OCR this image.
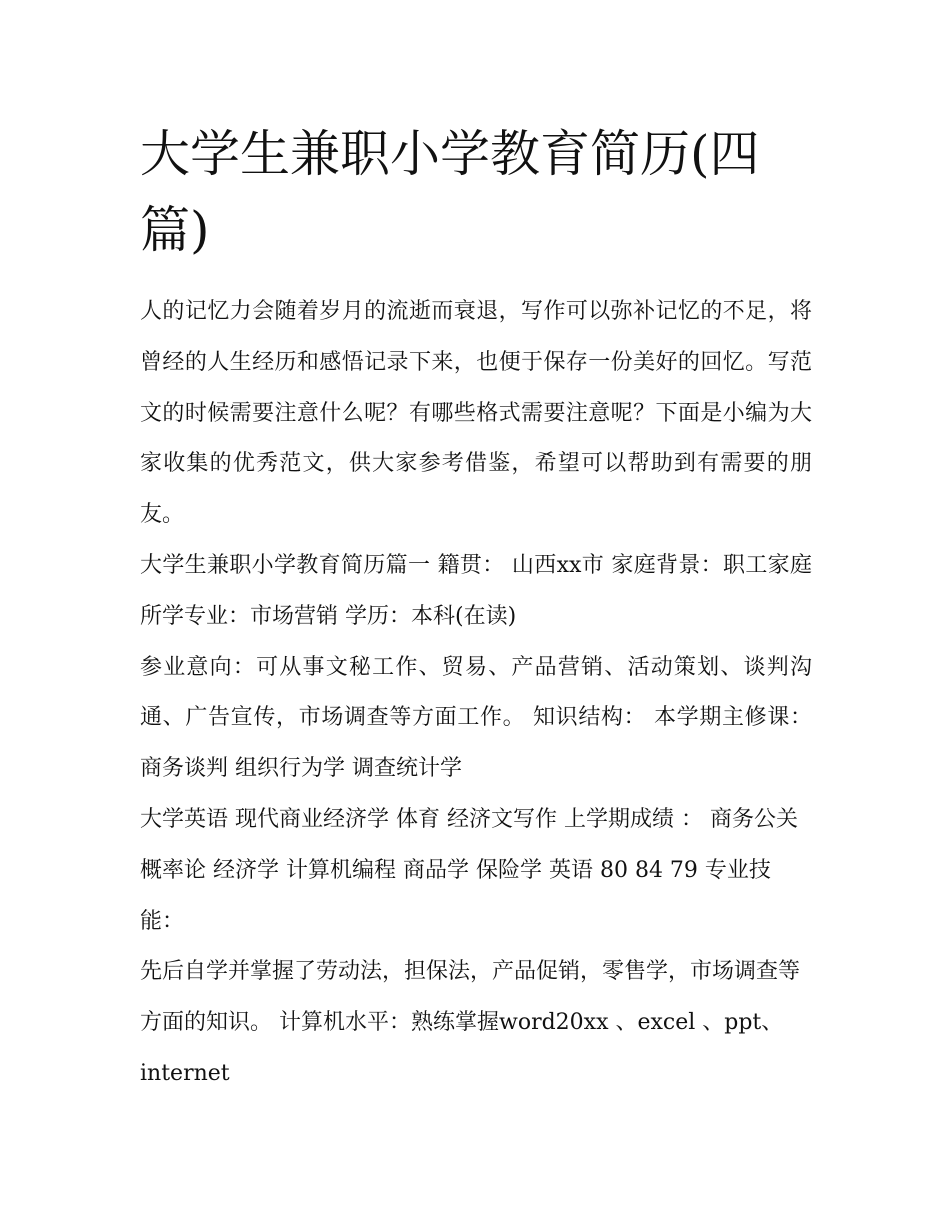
大学生兼职小学教育简历(四篇)

人的记忆力会随着岁月的流逝而衰退，写作可以弥补记忆的不足，将曾经的人生经历和感悟记录下来，也便于保存一份美好的回忆。写范文的时候需要注意什么呢？有哪些格式需要注意呢？下面是小编为大家收集的优秀范文，供大家参考借鉴，希望可以帮助到有需要的朋友。

大学生兼职小学教育简历篇一 籍贯： 山西xx市 家庭背景：职工家庭 所学专业：市场营销 学历：本科(在读)

参业意向：可从事文秘工作、贸易、产品营销、活动策划、谈判沟通、广告宣传，市场调查等方面工作。 知识结构： 本学期主修课：商务谈判 组织行为学 调查统计学

大学英语 现代商业经济学 体育 经济文写作 上学期成绩 ： 商务公关 概率论 经济学 计算机编程 商品学 保险学 英语 80 84 79 专业技能：

先后自学并掌握了劳动法，担保法，产品促销，零售学，市场调查等方面的知识。 计算机水平：熟练掌握word20xx 、excel 、ppt、internet
